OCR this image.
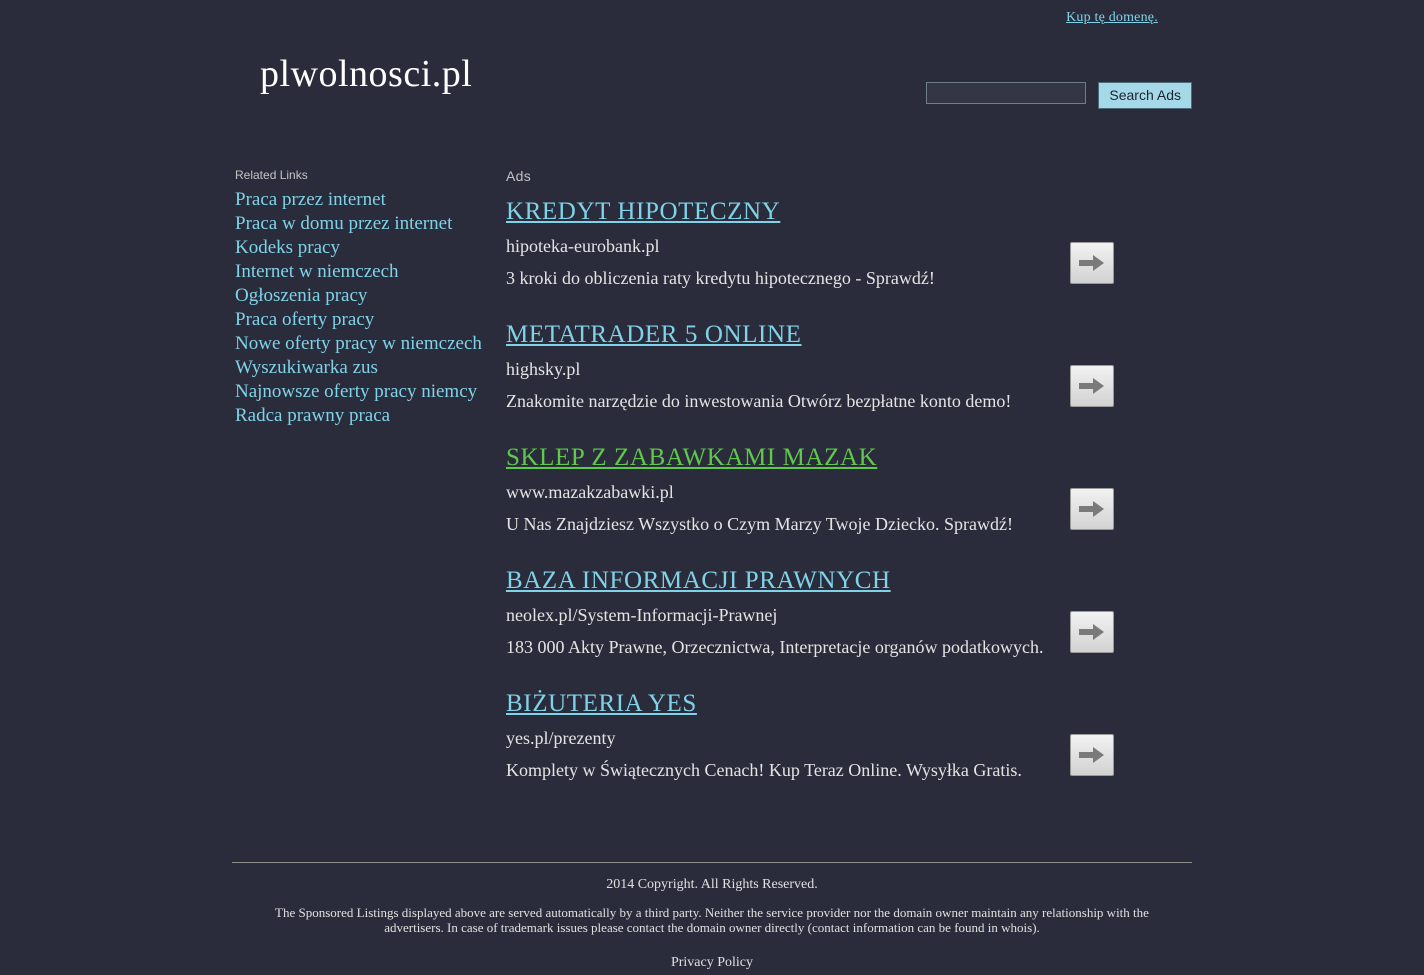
Kup tę domenę.
plwolnosci.pl	Search Ads
Related Links
Praca przez internet
Praca w domu przez internet
Kodeks pracy
Internet w niemczech
Ogłoszenia pracy
Praca oferty pracy
Nowe oferty pracy w niemczech
Wyszukiwarka zus
Najnowsze oferty pracy niemcy
Radca prawny praca
Ads
KREDYT HIPOTECZNY
hipoteka-eurobank.pl
3 kroki do obliczenia raty kredytu hipotecznego - Sprawdź!
METATRADER 5 ONLINE
highsky.pl
Znakomite narzędzie do inwestowania Otwórz bezpłatne konto demo!
SKLEP Z ZABAWKAMI MAZAK
www.mazakzabawki.pl
U Nas Znajdziesz Wszystko o Czym Marzy Twoje Dziecko. Sprawdź!
BAZA INFORMACJI PRAWNYCH
neolex.pl/System-Informacji-Prawnej
183 000 Akty Prawne, Orzecznictwa, Interpretacje organów podatkowych.
BIŻUTERIA YES
yes.pl/prezenty
Komplety w Świątecznych Cenach! Kup Teraz Online. Wysyłka Gratis.
2014 Copyright. All Rights Reserved.
The Sponsored Listings displayed above are served automatically by a third party. Neither the service provider nor the domain owner maintain any relationship with the advertisers. In case of trademark issues please contact the domain owner directly (contact information can be found in whois).
Privacy Policy
